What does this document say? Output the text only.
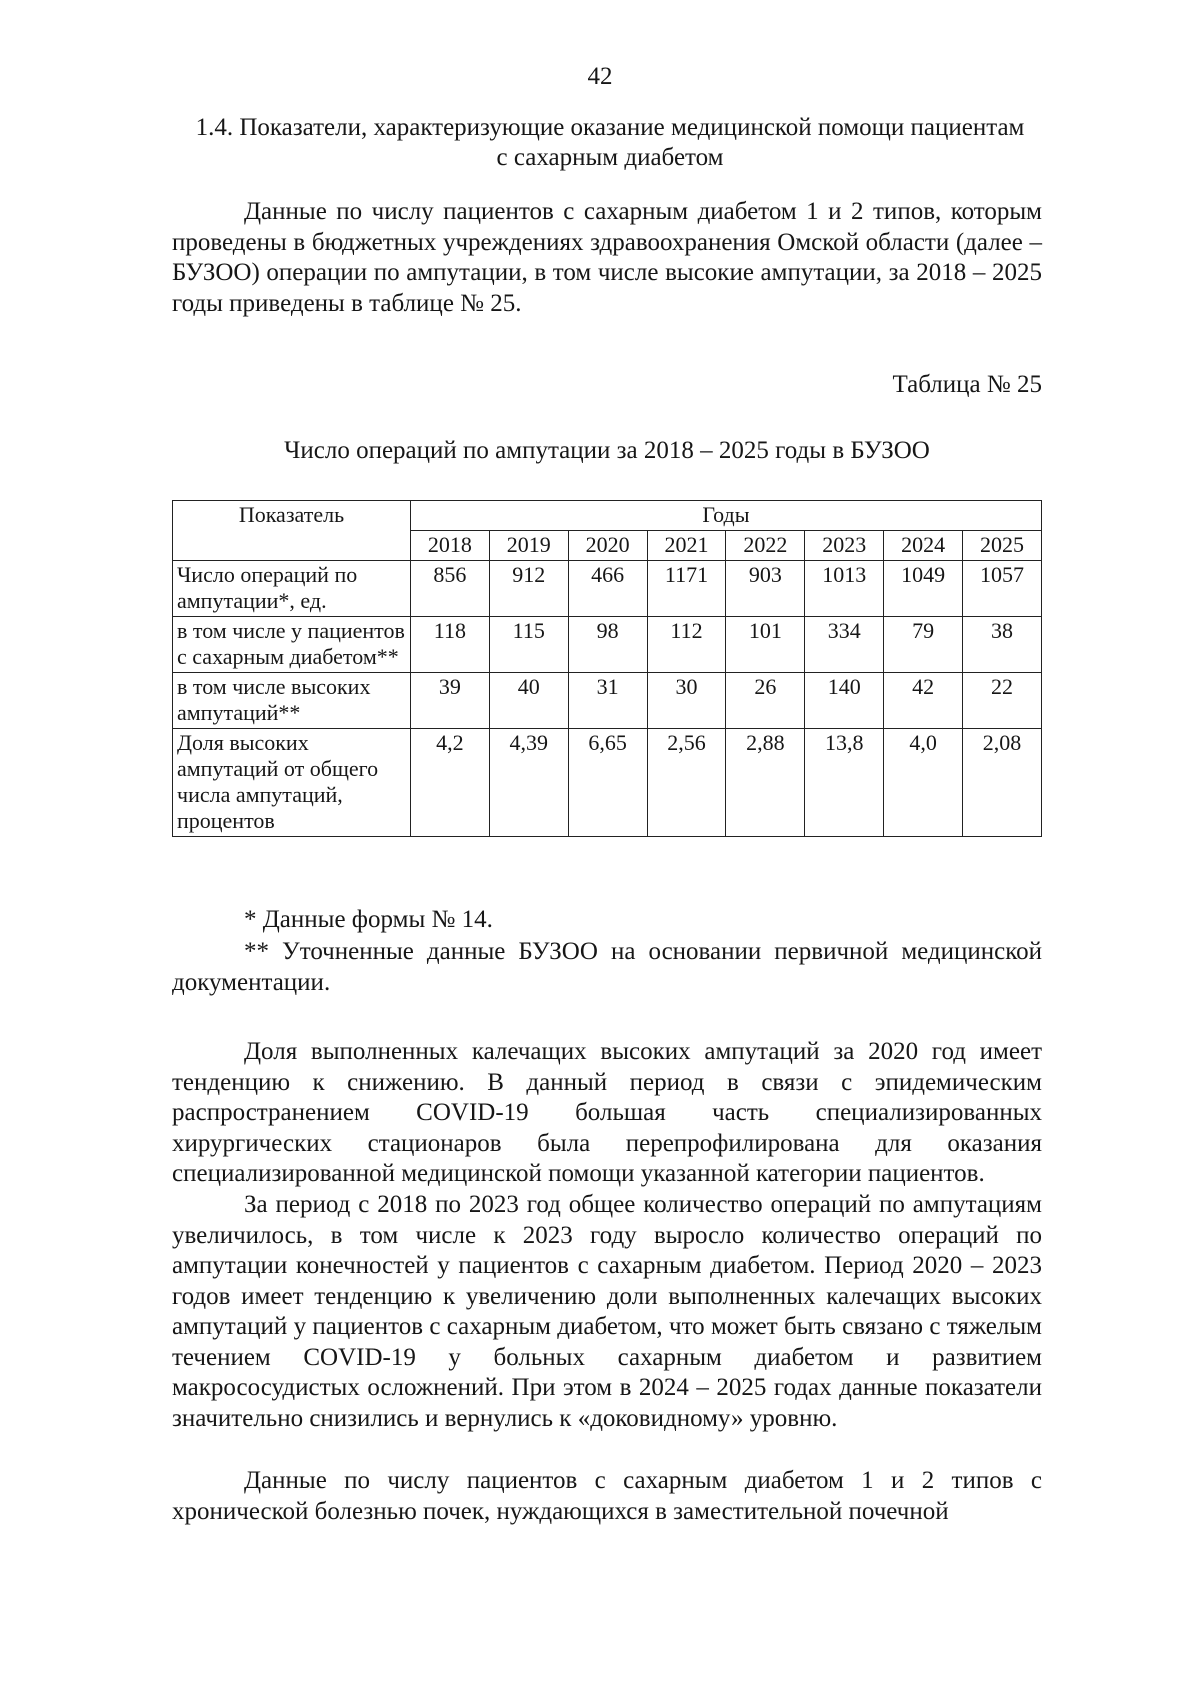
42
1.4. Показатели, характеризующие оказание медицинской помощи пациентам
с сахарным диабетом

Данные по числу пациентов с сахарным диабетом 1 и 2 типов, которым проведены в бюджетных учреждениях здравоохранения Омской области (далее – БУЗОО) операции по ампутации, в том числе высокие ампутации, за 2018 – 2025 годы приведены в таблице № 25.

Таблица № 25
Число операций по ампутации за 2018 – 2025 годы в БУЗОО
Показатель	Годы							
	2018	2019	2020	2021	2022	2023	2024	2025
Число операций по ампутации*, ед.	856	912	466	1171	903	1013	1049	1057
в том числе у пациентов с сахарным диабетом**	118	115	98	112	101	334	79	38
в том числе высоких ампутаций**	39	40	31	30	26	140	42	22
Доля высоких ампутаций от общего числа ампутаций, процентов	4,2	4,39	6,65	2,56	2,88	13,8	4,0	2,08

* Данные формы № 14.

** Уточненные данные БУЗОО на основании первичной медицинской документации.

Доля выполненных калечащих высоких ампутаций за 2020 год имеет тенденцию к снижению. В данный период в связи с эпидемическим распространением COVID-19 большая часть специализированных хирургических стационаров была перепрофилирована для оказания специализированной медицинской помощи указанной категории пациентов.

За период с 2018 по 2023 год общее количество операций по ампутациям увеличилось, в том числе к 2023 году выросло количество операций по ампутации конечностей у пациентов с сахарным диабетом. Период 2020 – 2023 годов имеет тенденцию к увеличению доли выполненных калечащих высоких ампутаций у пациентов с сахарным диабетом, что может быть связано с тяжелым течением COVID-19 у больных сахарным диабетом и развитием макрососудистых осложнений. При этом в 2024 – 2025 годах данные показатели значительно снизились и вернулись к «доковидному» уровню.

Данные по числу пациентов с сахарным диабетом 1 и 2 типов с хронической болезнью почек, нуждающихся в заместительной почечной
